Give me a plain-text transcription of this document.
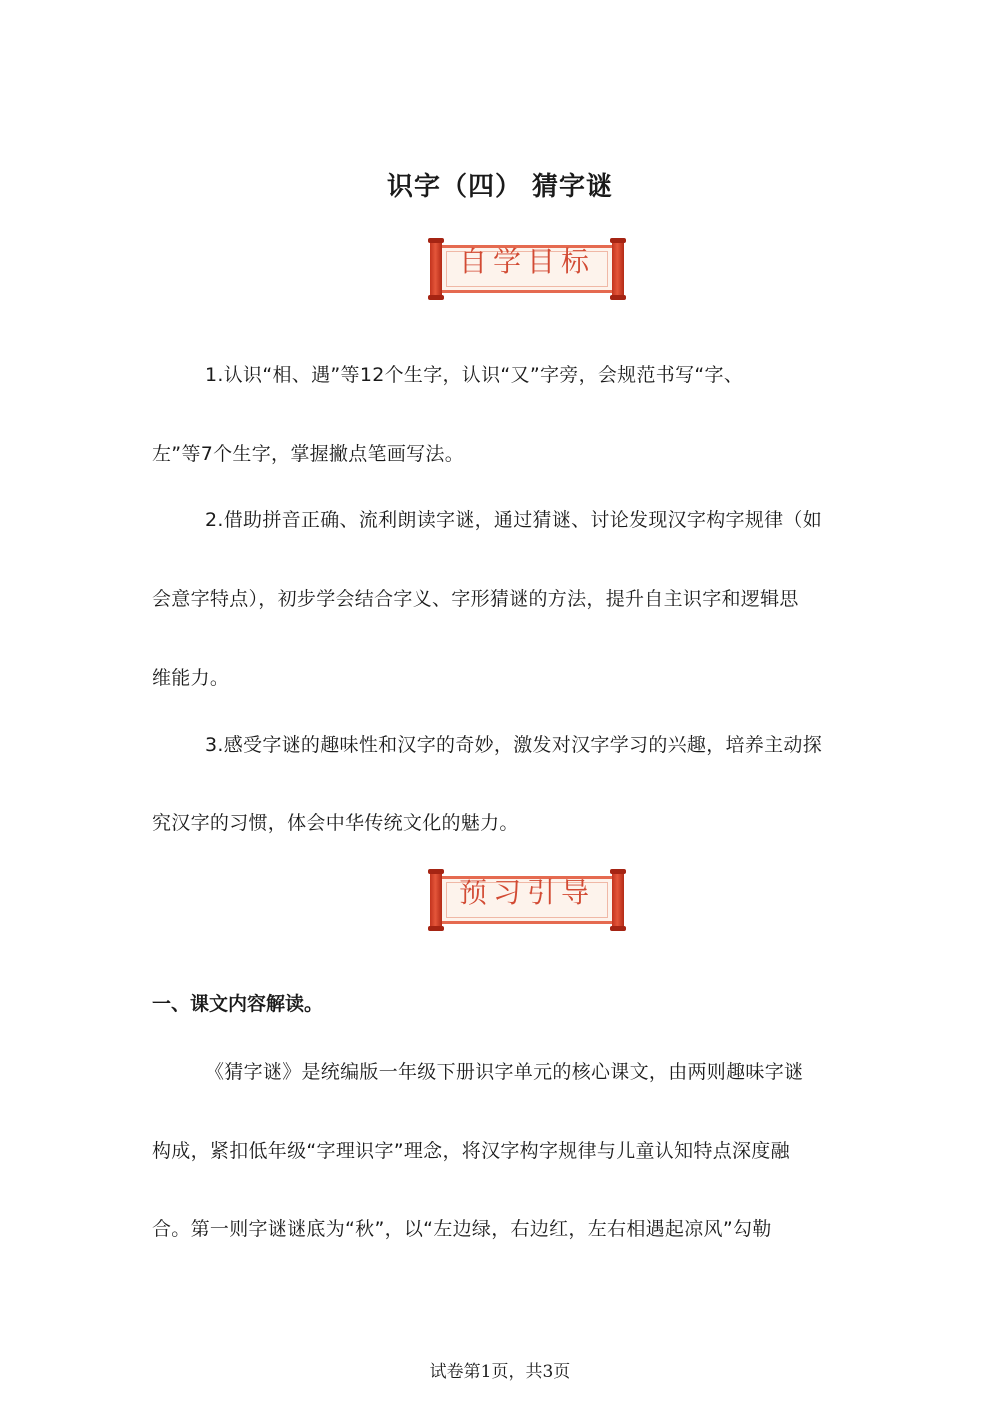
识字（四） 猜字谜
自学目标
1.认识“相、遇”等12个生字，认识“又”字旁，会规范书写“字、
左”等7个生字，掌握撇点笔画写法。
2.借助拼音正确、流利朗读字谜，通过猜谜、讨论发现汉字构字规律（如
会意字特点），初步学会结合字义、字形猜谜的方法，提升自主识字和逻辑思
维能力。
3.感受字谜的趣味性和汉字的奇妙，激发对汉字学习的兴趣，培养主动探
究汉字的习惯，体会中华传统文化的魅力。
预习引导
一、课文内容解读。
《猜字谜》是统编版一年级下册识字单元的核心课文，由两则趣味字谜
构成，紧扣低年级“字理识字”理念，将汉字构字规律与儿童认知特点深度融
合。第一则字谜谜底为“秋”，以“左边绿，右边红，左右相遇起凉风”勾勒
试卷第1页，共3页
